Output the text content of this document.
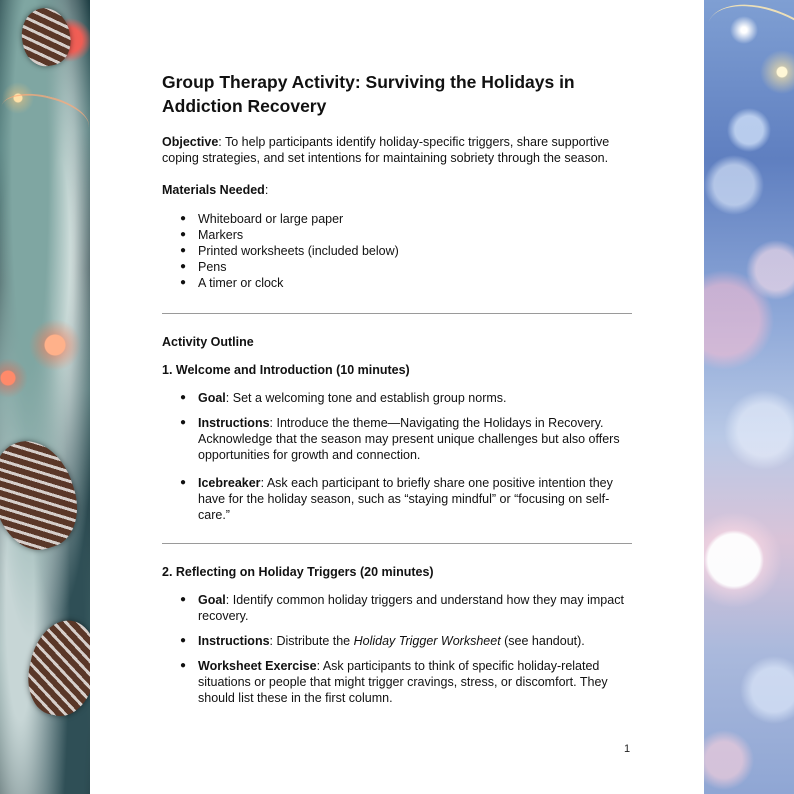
Group Therapy Activity: Surviving the Holidays in Addiction Recovery

Objective: To help participants identify holiday-specific triggers, share supportive coping strategies, and set intentions for maintaining sobriety through the season.

Materials Needed:

● Whiteboard or large paper
● Markers
● Printed worksheets (included below)
● Pens
● A timer or clock

Activity Outline

1. Welcome and Introduction (10 minutes)

● Goal: Set a welcoming tone and establish group norms.
● Instructions: Introduce the theme—Navigating the Holidays in Recovery. Acknowledge that the season may present unique challenges but also offers opportunities for growth and connection.
● Icebreaker: Ask each participant to briefly share one positive intention they have for the holiday season, such as “staying mindful” or “focusing on self-care.”

2. Reflecting on Holiday Triggers (20 minutes)

● Goal: Identify common holiday triggers and understand how they may impact recovery.
● Instructions: Distribute the Holiday Trigger Worksheet (see handout).
● Worksheet Exercise: Ask participants to think of specific holiday-related situations or people that might trigger cravings, stress, or discomfort. They should list these in the first column.
1
